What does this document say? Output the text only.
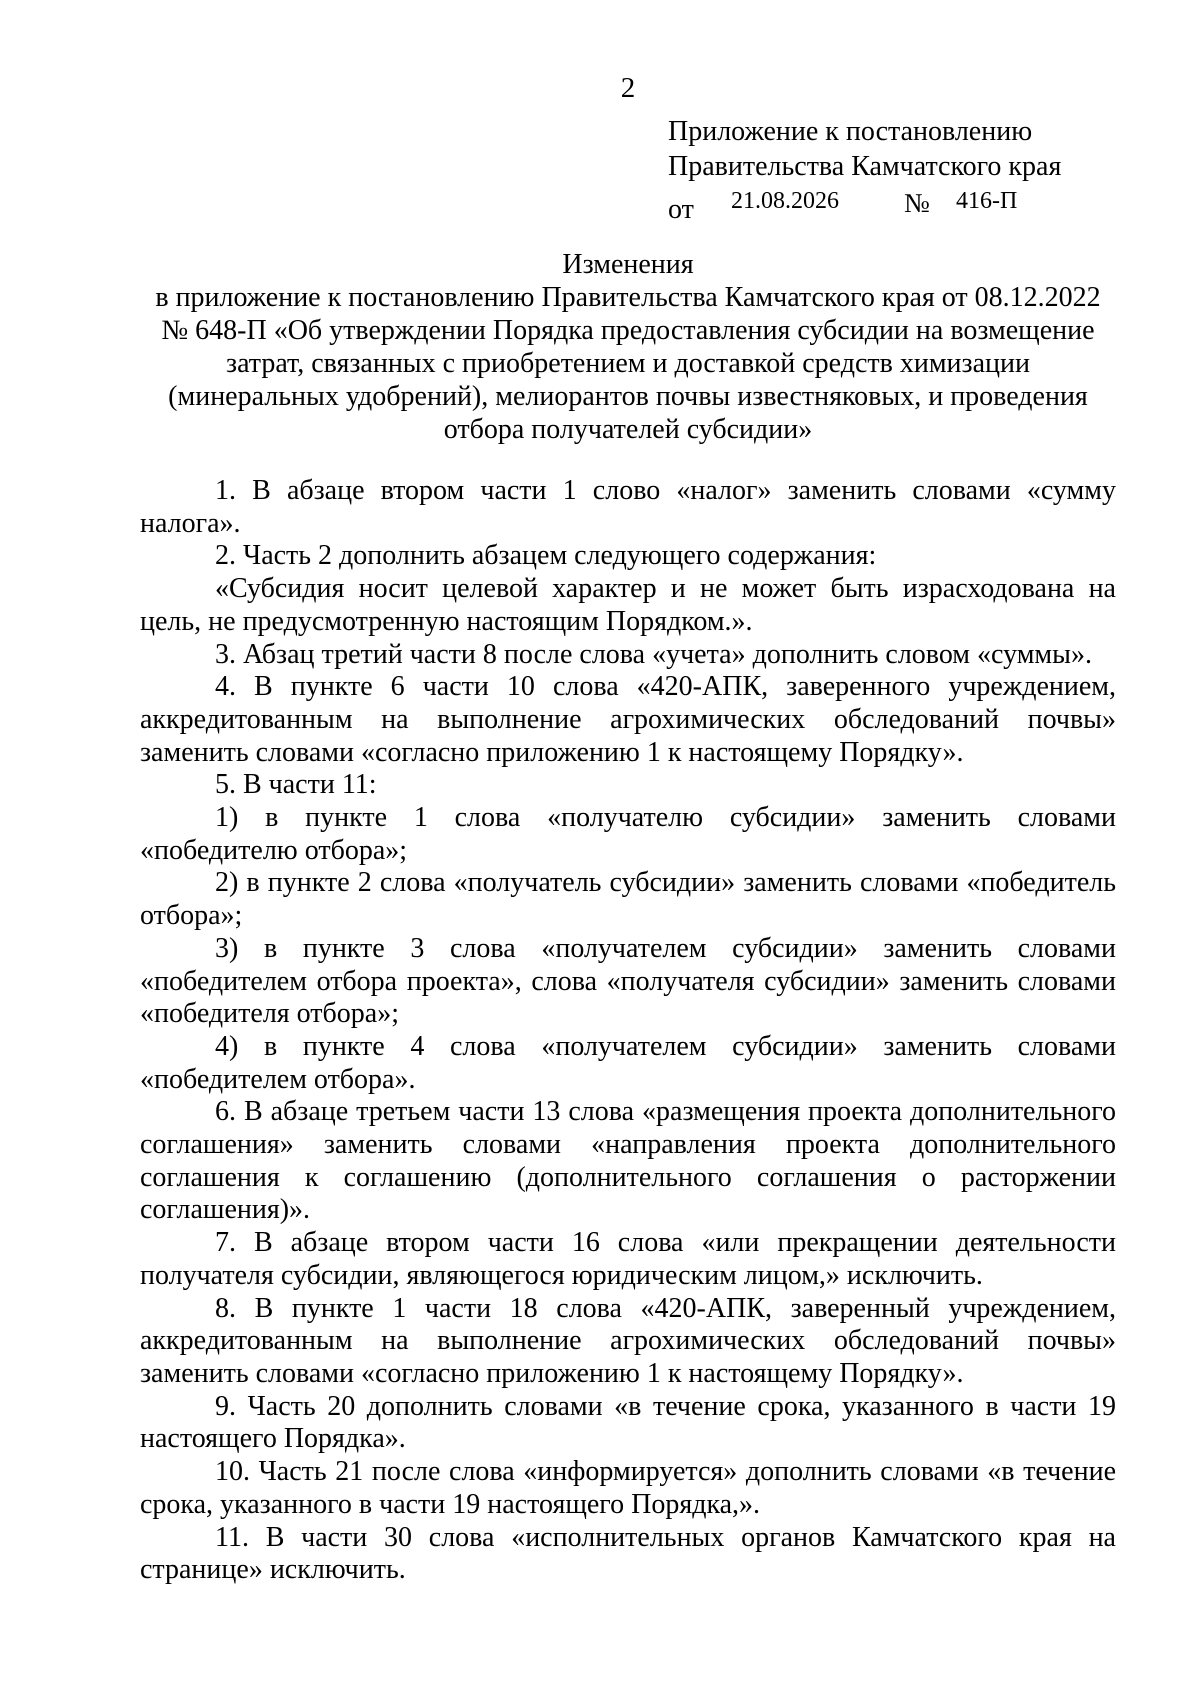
2
Приложение к постановлению
Правительства Камчатского края
от 21.08.2026 № 416-П
Изменения
в приложение к постановлению Правительства Камчатского края от 08.12.2022 № 648-П «Об утверждении Порядка предоставления субсидии на возмещение затрат, связанных с приобретением и доставкой средств химизации (минеральных удобрений), мелиорантов почвы известняковых, и проведения отбора получателей субсидии»

1. В абзаце втором части 1 слово «налог» заменить словами «сумму налога».

2. Часть 2 дополнить абзацем следующего содержания:

«Субсидия носит целевой характер и не может быть израсходована на цель, не предусмотренную настоящим Порядком.».

3. Абзац третий части 8 после слова «учета» дополнить словом «суммы».

4. В пункте 6 части 10 слова «420-АПК, заверенного учреждением, аккредитованным на выполнение агрохимических обследований почвы» заменить словами «согласно приложению 1 к настоящему Порядку».

5. В части 11:

1) в пункте 1 слова «получателю субсидии» заменить словами «победителю отбора»;

2) в пункте 2 слова «получатель субсидии» заменить словами «победитель отбора»;

3) в пункте 3 слова «получателем субсидии» заменить словами «победителем отбора проекта», слова «получателя субсидии» заменить словами «победителя отбора»;

4) в пункте 4 слова «получателем субсидии» заменить словами «победителем отбора».

6. В абзаце третьем части 13 слова «размещения проекта дополнительного соглашения» заменить словами «направления проекта дополнительного соглашения к соглашению (дополнительного соглашения о расторжении соглашения)».

7. В абзаце втором части 16 слова «или прекращении деятельности получателя субсидии, являющегося юридическим лицом,» исключить.

8. В пункте 1 части 18 слова «420-АПК, заверенный учреждением, аккредитованным на выполнение агрохимических обследований почвы» заменить словами «согласно приложению 1 к настоящему Порядку».

9. Часть 20 дополнить словами «в течение срока, указанного в части 19 настоящего Порядка».

10. Часть 21 после слова «информируется» дополнить словами «в течение срока, указанного в части 19 настоящего Порядка,».

11. В части 30 слова «исполнительных органов Камчатского края на странице» исключить.
